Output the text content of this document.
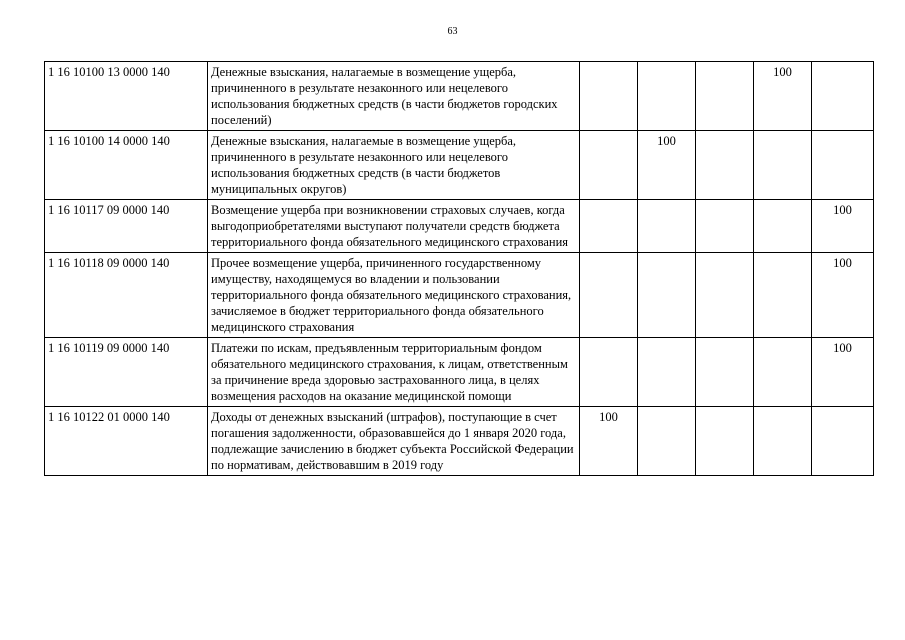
63
1 16 10100 13 0000 140	Денежные взыскания, налагаемые в возмещение ущерба, причиненного в результате незаконного или нецелевого использования бюджетных средств (в части бюджетов городских поселений)				100	
1 16 10100 14 0000 140	Денежные взыскания, налагаемые в возмещение ущерба, причиненного в результате незаконного или нецелевого использования бюджетных средств (в части бюджетов муниципальных округов)		100			
1 16 10117 09 0000 140	Возмещение ущерба при возникновении страховых случаев, когда выгодоприобретателями выступают получатели средств бюджета территориального фонда обязательного медицинского страхования					100
1 16 10118 09 0000 140	Прочее возмещение ущерба, причиненного государственному имуществу, находящемуся во владении и пользовании территориального фонда обязательного медицинского страхования, зачисляемое в бюджет территориального фонда обязательного медицинского страхования					100
1 16 10119 09 0000 140	Платежи по искам, предъявленным территориальным фондом обязательного медицинского страхования, к лицам, ответственным за причинение вреда здоровью застрахованного лица, в целях возмещения расходов на оказание медицинской помощи					100
1 16 10122 01 0000 140	Доходы от денежных взысканий (штрафов), поступающие в счет погашения задолженности, образовавшейся до 1 января 2020 года, подлежащие зачислению в бюджет субъекта Российской Федерации по нормативам, действовавшим в 2019 году	100				
